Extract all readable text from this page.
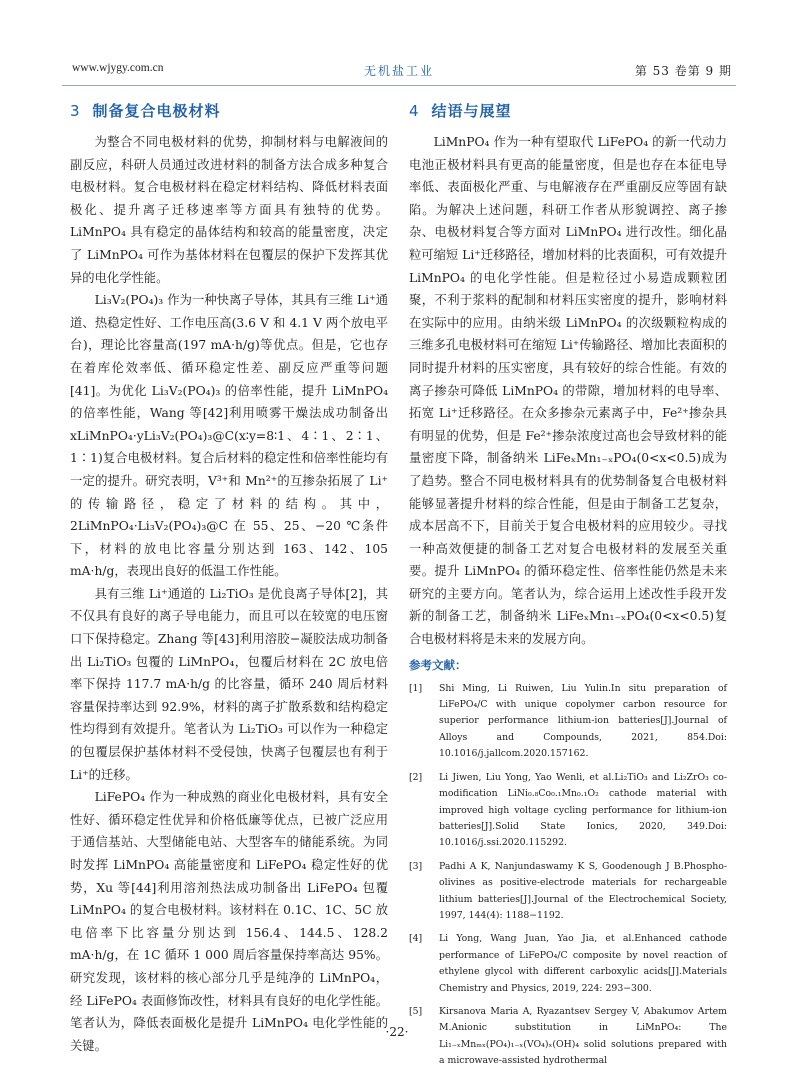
www.wjygy.com.cn	无机盐工业	第 53 卷第 9 期
3 制备复合电极材料

为整合不同电极材料的优势，抑制材料与电解液间的副反应，科研人员通过改进材料的制备方法合成多种复合电极材料。复合电极材料在稳定材料结构、降低材料表面极化、提升离子迁移速率等方面具有独特的优势。LiMnPO₄ 具有稳定的晶体结构和较高的能量密度，决定了 LiMnPO₄ 可作为基体材料在包覆层的保护下发挥其优异的电化学性能。

Li₃V₂(PO₄)₃ 作为一种快离子导体，其具有三维 Li⁺通道、热稳定性好、工作电压高(3.6 V 和 4.1 V 两个放电平台)，理论比容量高(197 mA·h/g)等优点。但是，它也存在着库伦效率低、循环稳定性差、副反应严重等问题[41]。为优化 Li₃V₂(PO₄)₃ 的倍率性能，提升 LiMnPO₄ 的倍率性能，Wang 等[42]利用喷雾干燥法成功制备出 xLiMnPO₄·yLi₃V₂(PO₄)₃@C(x∶y=8∶1、4∶1、2∶1、1∶1)复合电极材料。复合后材料的稳定性和倍率性能均有一定的提升。研究表明，V³⁺和 Mn²⁺的互掺杂拓展了 Li⁺的传输路径，稳定了材料的结构。其中，2LiMnPO₄·Li₃V₂(PO₄)₃@C 在 55、25、−20 ℃条件下，材料的放电比容量分别达到 163、142、105 mA·h/g，表现出良好的低温工作性能。

具有三维 Li⁺通道的 Li₂TiO₃ 是优良离子导体[2]，其不仅具有良好的离子导电能力，而且可以在较宽的电压窗口下保持稳定。Zhang 等[43]利用溶胶−凝胶法成功制备出 Li₂TiO₃ 包覆的 LiMnPO₄，包覆后材料在 2C 放电倍率下保持 117.7 mA·h/g 的比容量，循环 240 周后材料容量保持率达到 92.9%，材料的离子扩散系数和结构稳定性均得到有效提升。笔者认为 Li₂TiO₃ 可以作为一种稳定的包覆层保护基体材料不受侵蚀，快离子包覆层也有利于 Li⁺的迁移。

LiFePO₄ 作为一种成熟的商业化电极材料，具有安全性好、循环稳定性优异和价格低廉等优点，已被广泛应用于通信基站、大型储能电站、大型客车的储能系统。为同时发挥 LiMnPO₄ 高能量密度和 LiFePO₄ 稳定性好的优势，Xu 等[44]利用溶剂热法成功制备出 LiFePO₄ 包覆 LiMnPO₄ 的复合电极材料。该材料在 0.1C、1C、5C 放电倍率下比容量分别达到 156.4、144.5、128.2 mA·h/g，在 1C 循环 1 000 周后容量保持率高达 95%。研究发现，该材料的核心部分几乎是纯净的 LiMnPO₄，经 LiFePO₄ 表面修饰改性，材料具有良好的电化学性能。笔者认为，降低表面极化是提升 LiMnPO₄ 电化学性能的关键。

4 结语与展望

LiMnPO₄ 作为一种有望取代 LiFePO₄ 的新一代动力电池正极材料具有更高的能量密度，但是也存在本征电导率低、表面极化严重、与电解液存在严重副反应等固有缺陷。为解决上述问题，科研工作者从形貌调控、离子掺杂、电极材料复合等方面对 LiMnPO₄ 进行改性。细化晶粒可缩短 Li⁺迁移路径，增加材料的比表面积，可有效提升 LiMnPO₄ 的电化学性能。但是粒径过小易造成颗粒团聚，不利于浆料的配制和材料压实密度的提升，影响材料在实际中的应用。由纳米级 LiMnPO₄ 的次级颗粒构成的三维多孔电极材料可在缩短 Li⁺传输路径、增加比表面积的同时提升材料的压实密度，具有较好的综合性能。有效的离子掺杂可降低 LiMnPO₄ 的带隙，增加材料的电导率、拓宽 Li⁺迁移路径。在众多掺杂元素离子中，Fe²⁺掺杂具有明显的优势，但是 Fe²⁺掺杂浓度过高也会导致材料的能量密度下降，制备纳米 LiFeₓMn₁₋ₓPO₄(0<x<0.5)成为了趋势。整合不同电极材料具有的优势制备复合电极材料能够显著提升材料的综合性能，但是由于制备工艺复杂，成本居高不下，目前关于复合电极材料的应用较少。寻找一种高效便捷的制备工艺对复合电极材料的发展至关重要。提升 LiMnPO₄ 的循环稳定性、倍率性能仍然是未来研究的主要方向。笔者认为，综合运用上述改性手段开发新的制备工艺，制备纳米 LiFeₓMn₁₋ₓPO₄(0<x<0.5)复合电极材料将是未来的发展方向。

参考文献：
[1] Shi Ming, Li Ruiwen, Liu Yulin.In situ preparation of LiFePO₄/C with unique copolymer carbon resource for superior performance lithium-ion batteries[J].Journal of Alloys and Compounds, 2021, 854.Doi: 10.1016/j.jallcom.2020.157162.
[2] Li Jiwen, Liu Yong, Yao Wenli, et al.Li₂TiO₃ and Li₂ZrO₃ co-modification LiNi₀.₈Co₀.₁Mn₀.₁O₂ cathode material with improved high voltage cycling performance for lithium-ion batteries[J].Solid State Ionics, 2020, 349.Doi: 10.1016/j.ssi.2020.115292.
[3] Padhi A K, Nanjundaswamy K S, Goodenough J B.Phospho-olivines as positive-electrode materials for rechargeable lithium batteries[J].Journal of the Electrochemical Society, 1997, 144(4): 1188−1192.
[4] Li Yong, Wang Juan, Yao Jia, et al.Enhanced cathode performance of LiFePO₄/C composite by novel reaction of ethylene glycol with different carboxylic acids[J].Materials Chemistry and Physics, 2019, 224: 293−300.
[5] Kirsanova Maria A, Ryazantsev Sergey V, Abakumov Artem M.Anionic substitution in LiMnPO₄: The Li₁₋ₓMnₘₓ(PO₄)₁₋ₓ(VO₄)ₓ(OH)₄ solid solutions prepared with a microwave-assisted hydrothermal
·22·
